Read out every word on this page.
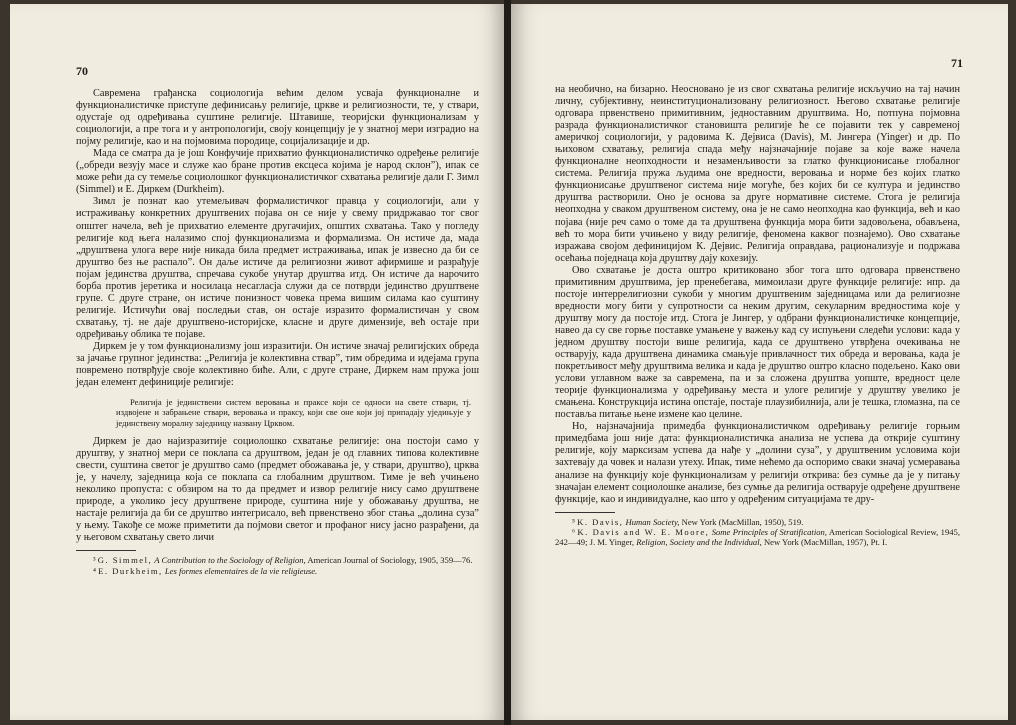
70

Савремена грађанска социологија већим делом усваја функционалне и функционалистичке приступе дефинисању религије, цркве и религиозности, те, у ствари, одустаје од одређивања суштине религије. Штавише, теоријски функционализам у социологији, а пре тога и у антропологији, своју концепцију је у знатној мери изградио на појму религије, као и на појмовима породице, социјализације и др.

Мада се сматра да је још Конфучије прихватио функционалистичко одређење религије („обреди везују масе и служе као бране против ексцеса којима је народ склон”), ипак се може рећи да су темеље социолошког функционалистичког схватања религије дали Г. Зимл (Simmel) и Е. Диркем (Durkheim).

Зимл је познат као утемељивач формалистичког правца у социологији, али у истраживању конкретних друштвених појава он се није у свему придржавао тог свог општег начела, већ је прихватио елементе другачијих, општих схватања. Тако у погледу религије код њега налазимо спој функционализма и формализма. Он истиче да, мада „друштвена улога вере није никада била предмет истраживања, ипак је извесно да би се друштво без ње распало”. Он даље истиче да религиозни живот афирмише и разрађује појам јединства друштва, спречава сукобе унутар друштва итд. Он истиче да нарочито борба против јеретика и носилаца несагласја служи да се потврди јединство друштвене групе. С друге стране, он истиче понизност човека према вишим силама као суштину религије. Истичући овај последњи став, он остаје изразито формалистичан у свом схватању, тј. не даје друштвено-историјске, класне и друге димензије, већ остаје при одређивању облика те појаве.

Диркем је у том функционализму још изразитији. Он истиче значај религијских обреда за јачање групног јединства: „Религија је колективна ствар”, тим обредима и идејама група повремено потврђује своје колективно биће. Али, с друге стране, Диркем нам пружа још један елемент дефиниције религије:

Религија је јединствени систем веровања и праксе који се односи на свете ствари, тј. издвојене и забрањене ствари, веровања и праксу, који све оне који јој припадају уједињује у јединствену моралну заједницу названу Црквом.

Диркем је дао најизразитије социолошко схватање религије: она постоји само у друштву, у знатној мери се поклапа са друштвом, један је од главних типова колективне свести, суштина светог је друштво само (предмет обожавања је, у ствари, друштво), црква је, у начелу, заједница која се поклапа са глобалним друштвом. Тиме је већ учињено неколико пропуста: с обзиром на то да предмет и извор религије нису само друштвене природе, а уколико јесу друштвене природе, суштина није у обожавању друштва, не настаје религија да би се друштво интегрисало, већ првенствено због стања „долина суза” у њему. Такође се може приметити да појмови светог и профаног нису јасно разрађени, да у његовом схватању свето личи

³ G. Simmel, A Contribution to the Sociology of Religion, American Journal of Sociology, 1905, 359—76.

⁴ E. Durkheim, Les formes elementaires de la vie religieuse.

71

на необично, на бизарно. Неосновано је из свог схватања религије искључио на тај начин личну, субјективну, неинституционализовану религиозност. Његово схватање религије одговара првенствено примитивним, једноставним друштвима. Но, потпуна појмовна разрада функционалистичког становишта религије ће се појавити тек у савременој америчкој социологији, у радовима К. Дејвиса (Davis), М. Јингера (Yinger) и др. По њиховом схватању, религија спада међу најзначајније појаве за које важе начела функционалне неопходности и незаменљивости за глатко функционисање глобалног система. Религија пружа људима оне вредности, веровања и норме без којих глатко функционисање друштвеног система није могуће, без којих би се култура и јединство друштва растворили. Оно је основа за друге нормативне системе. Стога је религија неопходна у сваком друштвеном систему, она је не само неопходна као функција, већ и као појава (није реч само о томе да та друштвена функција мора бити задовољена, обављена, већ то мора бити учињено у виду религије, феномена каквог познајемо). Ово схватање изражава својом дефиницијом К. Дејвис. Религија оправдава, рационализује и подржава осећања поједнаца која друштву дају кохезију.

Ово схватање је доста оштро критиковано због тога што одговара првенствено примитивним друштвима, јер пренебегава, мимоилази друге функције религије: нпр. да постоје интеррелигиозни сукоби у многим друштвеним заједницама или да религиозне вредности могу бити у супротности са неким другим, секуларним вредностима које у друштву могу да постоје итд. Стога је Јингер, у одбрани функционалистичке концепције, навео да су све горње поставке умањене у важењу кад су испуњени следећи услови: када у једном друштву постоји више религија, када се друштвено утврђена очекивања не остварују, када друштвена динамика смањује привлачност тих обреда и веровања, када је покретљивост међу друштвима велика и када је друштво оштро класно подељено. Како ови услови углавном важе за савремена, па и за сложена друштва уопште, вредност целе теорије функционализма у одређивању места и улоге религије у друштву увелико је смањена. Конструкција истина опстаје, постаје плаузибилнија, али је тешка, гломазна, па се постављa питање њене измене као целине.

Но, најзначајнија примедба функционалистичком одређивању религије горњим примедбама још није дата: функционалистичка анализа не успева да открије суштину религије, коју марксизам успева да нађе у „долини суза”, у друштвеним условима који захтевају да човек и налази утеху. Ипак, тиме нећемо да оспоримо сваки значај усмеравања анализе на функцију које функционализам у религији открива: без сумње да је у питању значајан елемент социолошке анализе, без сумње да религија остварује одређене друштвене функције, као и индивидуалне, као што у одређеним ситуацијама те дру-

⁵ K. Davis, Human Society, New York (MacMillan, 1950), 519.

⁶ K. Davis and W. E. Moore, Some Principles of Stratification, American Sociological Review, 1945, 242—49; J. M. Yinger, Religion, Society and the Individual, New York (MacMillan, 1957), Pt. I.
